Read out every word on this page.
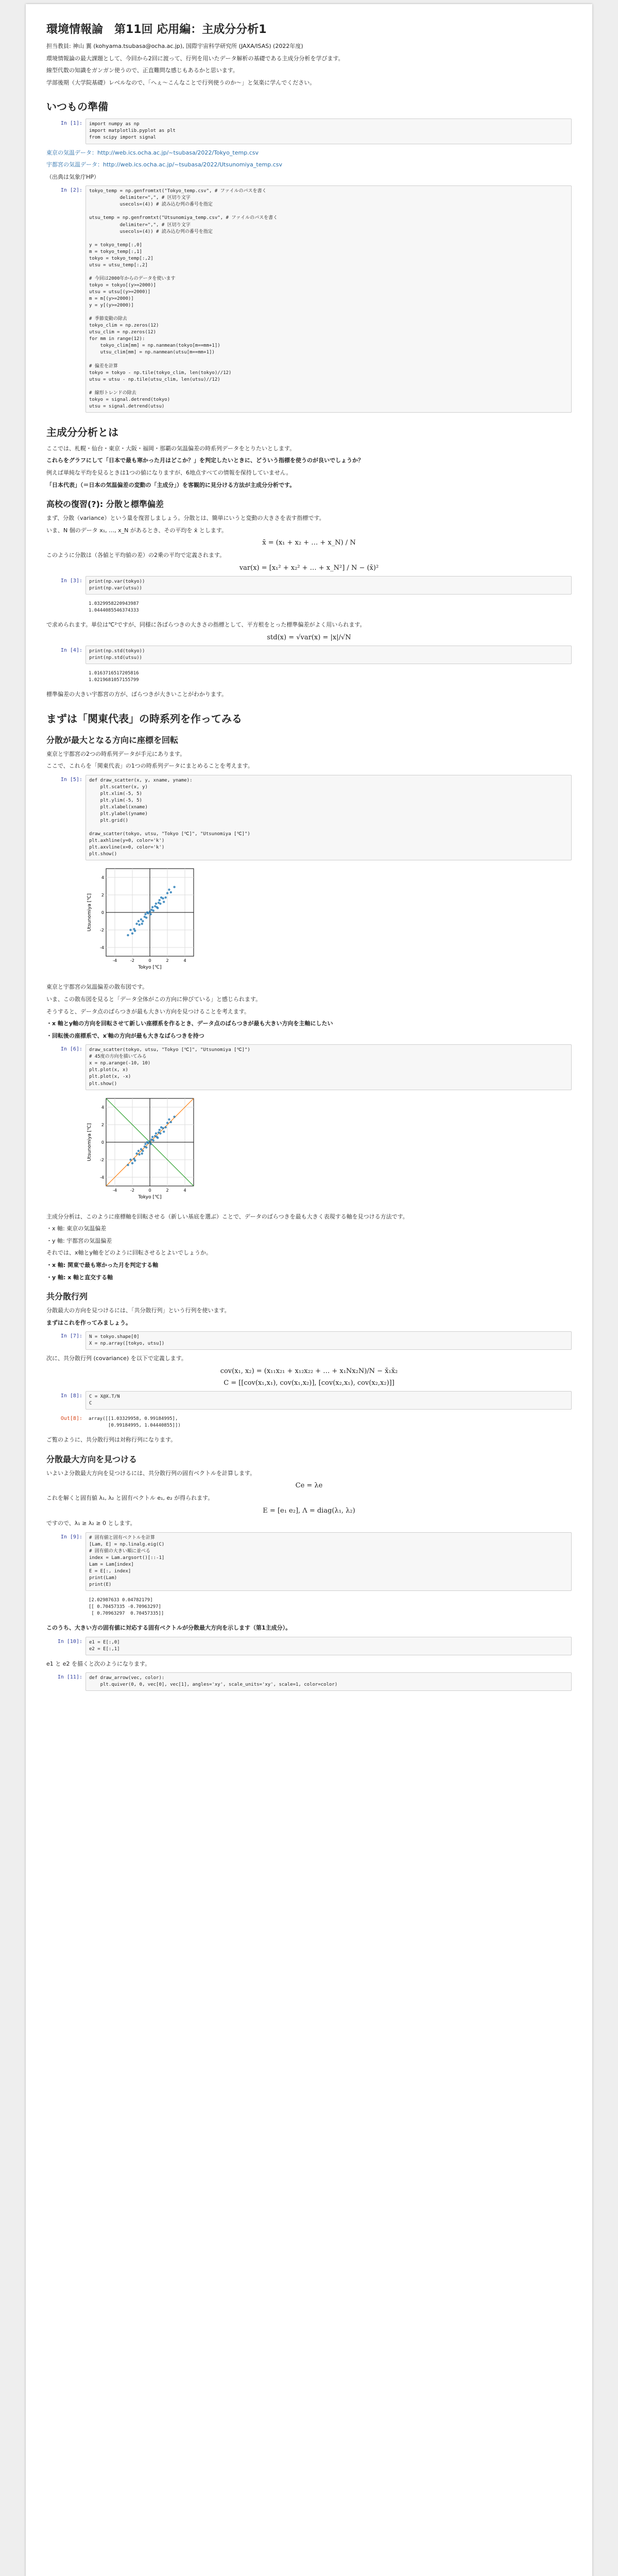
環境情報論　第11回 応用編：主成分分析1

担当教員: 神山 翼 (kohyama.tsubasa@ocha.ac.jp), 国際宇宙科学研究所 (JAXA/ISAS) (2022年度)

環境情報論の最大課題として、今回から2回に渡って、行列を用いたデータ解析の基礎である主成分分析を学びます。

線型代数の知識をガンガン使うので、正直難問な感じもあるかと思います。

学部後期（大学院基礎）レベルなので、「へぇ〜こんなことで行列使うのか〜」と気楽に学んでください。

いつもの準備
In [1]:	import numpy as np
import matplotlib.pyplot as plt
from scipy import signal

東京の気温データ：http://web.ics.ocha.ac.jp/~tsubasa/2022/Tokyo_temp.csv

宇都宮の気温データ：http://web.ics.ocha.ac.jp/~tsubasa/2022/Utsunomiya_temp.csv

（出典は気象庁HP）

In [2]:	tokyo_temp = np.genfromtxt("Tokyo_temp.csv", # ファイルのパスを書く
delimiter=",", # 区切り文字
usecols=(4)) # 読み込む列の番号を指定

utsu_temp = np.genfromtxt("Utsunomiya_temp.csv", # ファイルのパスを書く
delimiter=",", # 区切り文字
usecols=(4)) # 読み込む列の番号を指定

y = tokyo_temp[:,0]
m = tokyo_temp[:,1]
tokyo = tokyo_temp[:,2]
utsu = utsu_temp[:,2]

# 今回は2000年からのデータを使います
tokyo = tokyo[(y>=2000)]
utsu = utsu[(y>=2000)]
m = m[(y>=2000)]
y = y[(y>=2000)]

# 季節変動の除去
tokyo_clim = np.zeros(12)
utsu_clim = np.zeros(12)
for mm in range(12):
tokyo_clim[mm] = np.nanmean(tokyo[m==mm+1])
utsu_clim[mm] = np.nanmean(utsu[m==mm+1])

# 偏差を計算
tokyo = tokyo - np.tile(tokyo_clim, len(tokyo)//12)
utsu = utsu - np.tile(utsu_clim, len(utsu)//12)

# 線形トレンドの除去
tokyo = signal.detrend(tokyo)
utsu = signal.detrend(utsu)
主成分分析とは

ここでは、札幌・仙台・東京・大阪・福岡・那覇の気温偏差の時系列データをとりたいとします。

これらをグラフにして「日本で最も寒かった月はどこか？」を判定したいときに、どういう指標を使うのが良いでしょうか？

例えば単純な平均を見るときは1つの値になりますが、6地点すべての情報を保持していません。

「日本代表」（＝日本の気温偏差の変動の「主成分」）を客観的に見分ける方法が主成分分析です。

高校の復習(?): 分散と標準偏差

まず、分散（variance）という量を復習しましょう。分散とは、簡単にいうと変動の大きさを表す指標です。

いま、N 個のデータ x₁, …, x_N があるとき、その平均を x̄ とします。

x̄ = (x₁ + x₂ + … + x_N) / N

このように分散は（各値と平均値の差）の2乗の平均で定義されます。

var(x) = [x₁² + x₂² + … + x_N²] / N − (x̄)²
In [3]:	print(np.var(tokyo))
print(np.var(utsu))
1.0329958220943987
1.0444085546374333

で求められます。単位は℃²ですが、同様に各ばらつきの大きさの指標として、平方根をとった標準偏差がよく用いられます。

std(x) = √var(x) = |x|/√N
In [4]:	print(np.std(tokyo))
print(np.std(utsu))
1.0163716517205816
1.0219681057155799

標準偏差の大きい宇都宮の方が、ばらつきが大きいことがわかります。

まずは「関東代表」の時系列を作ってみる
分散が最大となる方向に座標を回転

東京と宇都宮の2つの時系列データが手元にあります。

ここで、これらを「関東代表」の1つの時系列データにまとめることを考えます。

In [5]:	def draw_scatter(x, y, xname, yname):
plt.scatter(x, y)
plt.xlim(-5, 5)
plt.ylim(-5, 5)
plt.xlabel(xname)
plt.ylabel(yname)
plt.grid()

draw_scatter(tokyo, utsu, "Tokyo [℃]", "Utsunomiya [℃]")
plt.axhline(y=0, color='k')
plt.axvline(x=0, color='k')
plt.show()
-4
-4
-2
-2
0
0
2
2
4
4
Tokyo [℃]
Utsunomiya [℃]

東京と宇都宮の気温偏差の散布図です。

いま、この散布図を見ると「データ全体がこの方向に伸びている」と感じられます。

そうすると、データ点のばらつきが最も大きい方向を見つけることを考えます。

・x 軸とy軸の方向を回転させて新しい座標系を作るとき、データ点のばらつきが最も大きい方向を主軸にしたい

・回転後の座標系で、x′軸の方向が最も大きなばらつきを持つ

In [6]:	draw_scatter(tokyo, utsu, "Tokyo [℃]", "Utsunomiya [℃]")
# 45度の方向を描いてみる
x = np.arange(-10, 10)
plt.plot(x, x)
plt.plot(x, -x)
plt.show()
-4
-4
-2
-2
0
0
2
2
4
4
Tokyo [℃]
Utsunomiya [℃]

主成分分析は、このように座標軸を回転させる（新しい基底を選ぶ）ことで、データのばらつきを最も大きく表現する軸を見つける方法です。

・x 軸: 東京の気温偏差

・y 軸: 宇都宮の気温偏差

それでは、x軸とy軸をどのように回転させるとよいでしょうか。

・x 軸: 関東で最も寒かった月を判定する軸

・y 軸: x 軸と直交する軸

共分散行列

分散最大の方向を見つけるには、「共分散行列」という行列を使います。

まずはこれを作ってみましょう。

In [7]:	N = tokyo.shape[0]
X = np.array([tokyo, utsu])

次に、共分散行列 (covariance) を以下で定義します。

cov(x₁, x₂) = (x₁₁x₂₁ + x₁₂x₂₂ + … + x₁Nx₂N)/N − x̄₁x̄₂
C = [[cov(x₁,x₁), cov(x₁,x₂)], [cov(x₂,x₁), cov(x₂,x₂)]]
In [8]:	C = X@X.T/N
C
Out[8]:	array([[1.03329958, 0.99184995],
[0.99184995, 1.04440855]])

ご覧のように、共分散行列は対称行列になります。

分散最大方向を見つける

いよいよ分散最大方向を見つけるには、共分散行列の固有ベクトルを計算します。

Ce = λe

これを解くと固有値 λ₁, λ₂ と固有ベクトル e₁, e₂ が得られます。

E = [e₁ e₂], Λ = diag(λ₁, λ₂)

ですので、λ₁ ≥ λ₂ ≥ 0 とします。

In [9]:	# 固有値と固有ベクトルを計算
[Lam, E] = np.linalg.eig(C)
# 固有値の大きい順に並べる
index = Lam.argsort()[::-1]
Lam = Lam[index]
E = E[:, index]
print(Lam)
print(E)
[2.02987633 0.04782179]
[[ 0.70457335 -0.70963297]
[ 0.70963297  0.70457335]]

このうち、大きい方の固有値に対応する固有ベクトルが分散最大方向を示します（第1主成分）。

In [10]:	e1 = E[:,0]
e2 = E[:,1]

e1 と e2 を描くと次のようになります。

In [11]:	def draw_arrow(vec, color):
plt.quiver(0, 0, vec[0], vec[1], angles='xy', scale_units='xy', scale=1, color=color)
